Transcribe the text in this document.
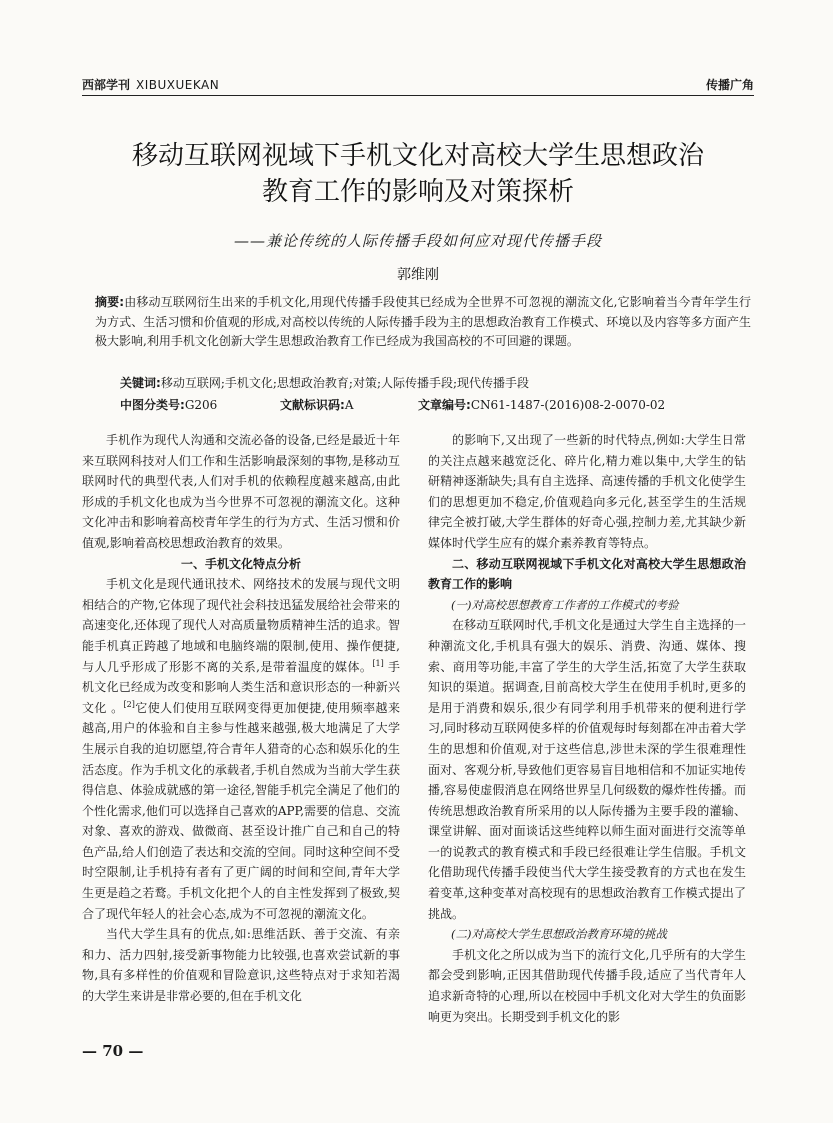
西部学刊 XIBUXUEKAN	传播广角
移动互联网视域下手机文化对高校大学生思想政治
教育工作的影响及对策探析
——兼论传统的人际传播手段如何应对现代传播手段
郭维刚
摘要:由移动互联网衍生出来的手机文化,用现代传播手段使其已经成为全世界不可忽视的潮流文化,它影响着当今青年学生行为方式、生活习惯和价值观的形成,对高校以传统的人际传播手段为主的思想政治教育工作模式、环境以及内容等多方面产生极大影响,利用手机文化创新大学生思想政治教育工作已经成为我国高校的不可回避的课题。
关键词:移动互联网;手机文化;思想政治教育;对策;人际传播手段;现代传播手段
中图分类号: G206	文献标识码: A	文章编号: CN61-1487-(2016)08-2-0070-02

手机作为现代人沟通和交流必备的设备,已经是最近十年来互联网科技对人们工作和生活影响最深刻的事物,是移动互联网时代的典型代表,人们对手机的依赖程度越来越高,由此形成的手机文化也成为当今世界不可忽视的潮流文化。这种文化冲击和影响着高校青年学生的行为方式、生活习惯和价值观,影响着高校思想政治教育的效果。

一、手机文化特点分析

手机文化是现代通讯技术、网络技术的发展与现代文明相结合的产物,它体现了现代社会科技迅猛发展给社会带来的高速变化,还体现了现代人对高质量物质精神生活的追求。智能手机真正跨越了地域和电脑终端的限制,使用、操作便捷,与人几乎形成了形影不离的关系,是带着温度的媒体。[1] 手机文化已经成为改变和影响人类生活和意识形态的一种新兴文化 。[2]它使人们使用互联网变得更加便捷,使用频率越来越高,用户的体验和自主参与性越来越强,极大地满足了大学生展示自我的迫切愿望,符合青年人猎奇的心态和娱乐化的生活态度。作为手机文化的承载者,手机自然成为当前大学生获得信息、体验成就感的第一途径,智能手机完全满足了他们的个性化需求,他们可以选择自己喜欢的APP,需要的信息、交流对象、喜欢的游戏、做微商、甚至设计推广自己和自己的特色产品,给人们创造了表达和交流的空间。同时这种空间不受时空限制,让手机持有者有了更广阔的时间和空间,青年大学生更是趋之若鹜。手机文化把个人的自主性发挥到了极致,契合了现代年轻人的社会心态,成为不可忽视的潮流文化。

当代大学生具有的优点,如:思维活跃、善于交流、有亲和力、活力四射,接受新事物能力比较强,也喜欢尝试新的事物,具有多样性的价值观和冒险意识,这些特点对于求知若渴的大学生来讲是非常必要的,但在手机文化

的影响下,又出现了一些新的时代特点,例如:大学生日常的关注点越来越宽泛化、碎片化,精力难以集中,大学生的钻研精神逐渐缺失;具有自主选择、高速传播的手机文化使学生们的思想更加不稳定,价值观趋向多元化,甚至学生的生活规律完全被打破,大学生群体的好奇心强,控制力差,尤其缺少新媒体时代学生应有的媒介素养教育等特点。

二、移动互联网视域下手机文化对高校大学生思想政治教育工作的影响
(一)对高校思想教育工作者的工作模式的考验

在移动互联网时代,手机文化是通过大学生自主选择的一种潮流文化,手机具有强大的娱乐、消费、沟通、媒体、搜索、商用等功能,丰富了学生的大学生活,拓宽了大学生获取知识的渠道。据调查,目前高校大学生在使用手机时,更多的是用于消费和娱乐,很少有同学利用手机带来的便利进行学习,同时移动互联网使多样的价值观每时每刻都在冲击着大学生的思想和价值观,对于这些信息,涉世未深的学生很难理性面对、客观分析,导致他们更容易盲目地相信和不加证实地传播,容易使虚假消息在网络世界呈几何级数的爆炸性传播。而传统思想政治教育所采用的以人际传播为主要手段的灌输、课堂讲解、面对面谈话这些纯粹以师生面对面进行交流等单一的说教式的教育模式和手段已经很难让学生信服。手机文化借助现代传播手段使当代大学生接受教育的方式也在发生着变革,这种变革对高校现有的思想政治教育工作模式提出了挑战。

(二)对高校大学生思想政治教育环境的挑战

手机文化之所以成为当下的流行文化,几乎所有的大学生都会受到影响,正因其借助现代传播手段,适应了当代青年人追求新奇特的心理,所以在校园中手机文化对大学生的负面影响更为突出。长期受到手机文化的影

— 70 —
